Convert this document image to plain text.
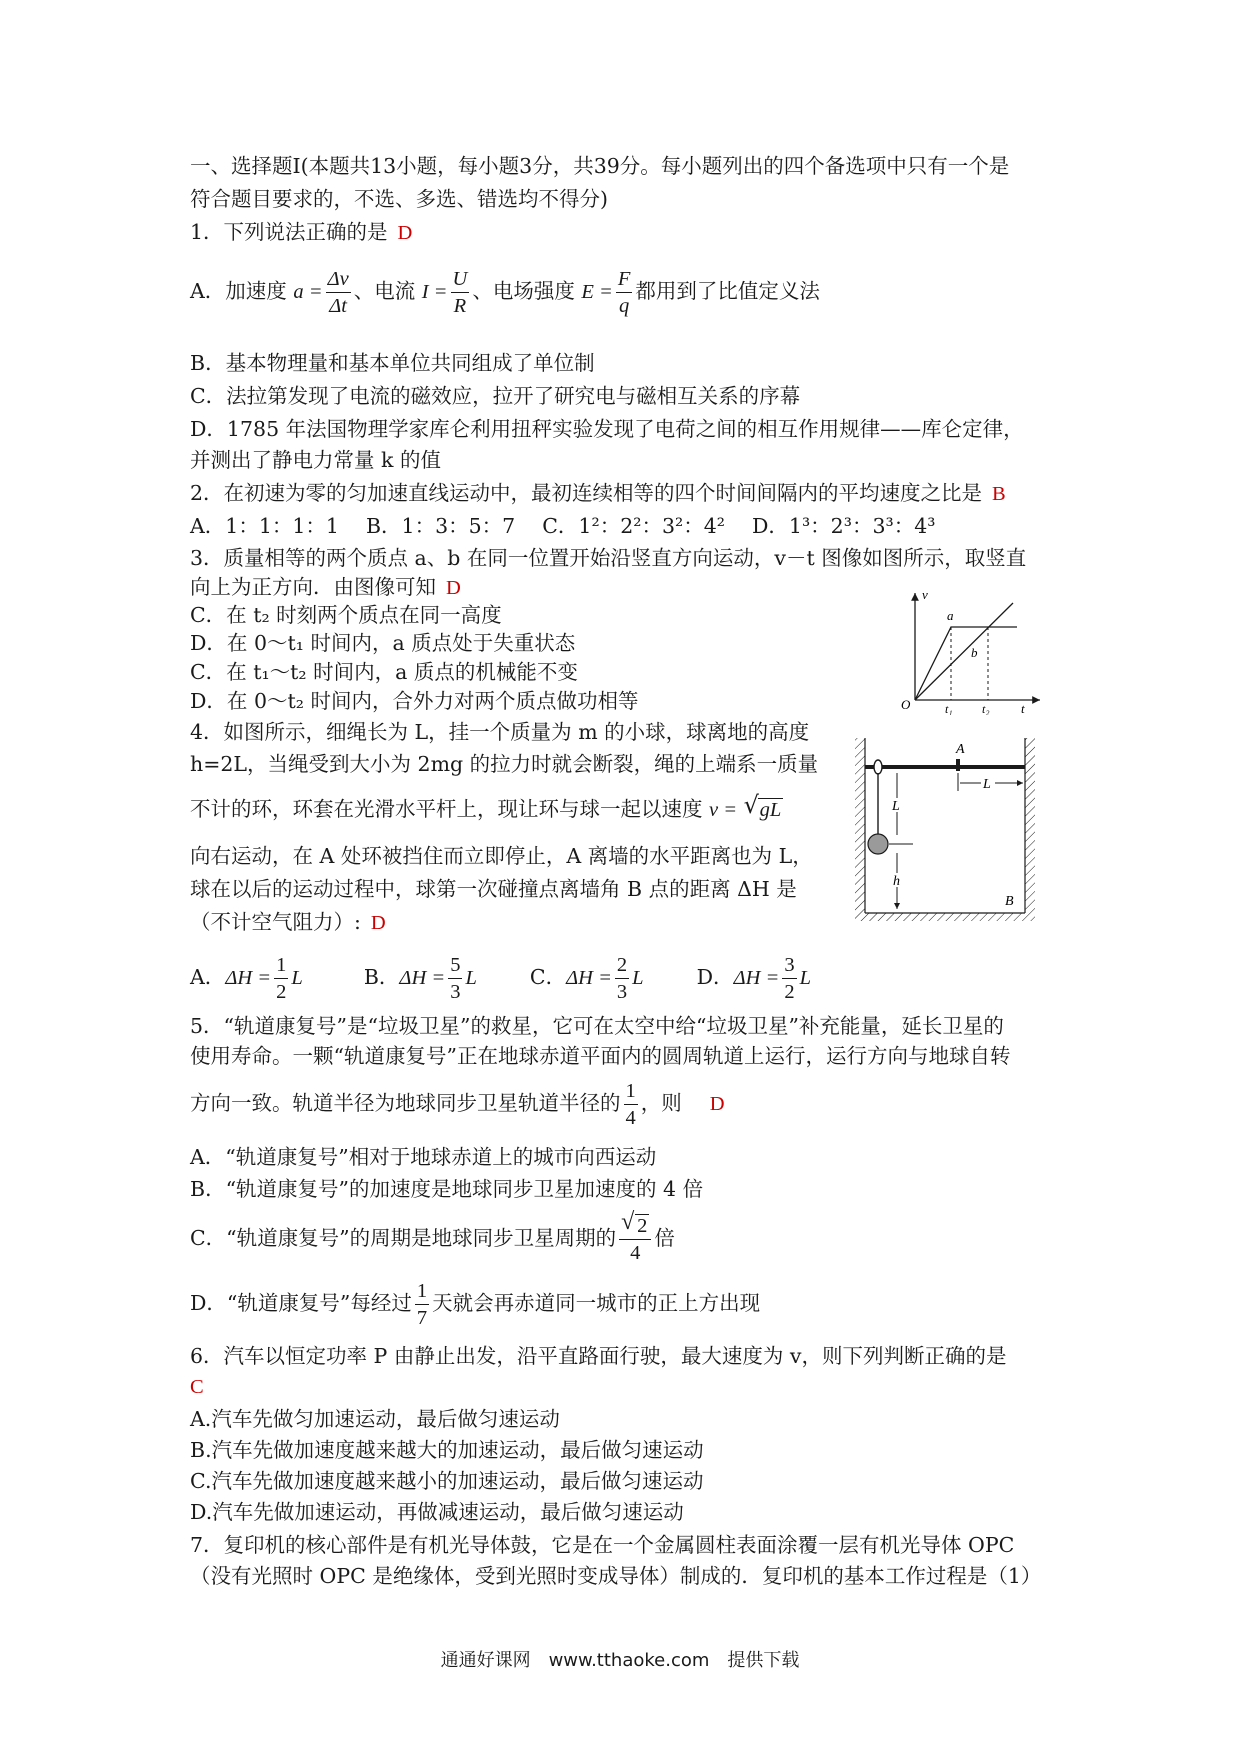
一、选择题I(本题共13小题，每小题3分，共39分。每小题列出的四个备选项中只有一个是
符合题目要求的，不选、多选、错选均不得分)
1．下列说法正确的是 D
A．加速度 $a = \frac{\Delta v}{\Delta t}$ 、电流 $I = \frac{U}{R}$ 、电场强度 $E = \frac{F}{q}$ 都用到了比值定义法
B．基本物理量和基本单位共同组成了单位制
C．法拉第发现了电流的磁效应，拉开了研究电与磁相互关系的序幕
D．1785 年法国物理学家库仑利用扭秤实验发现了电荷之间的相互作用规律——库仑定律，
并测出了静电力常量 k 的值
2．在初速为零的匀加速直线运动中，最初连续相等的四个时间间隔内的平均速度之比是 B
A．1：1：1：1　 B．1：3：5：7　 C．1²：2²：3²：4²　 D．1³：2³：3³：4³
3．质量相等的两个质点 a、b 在同一位置开始沿竖直方向运动，v－t 图像如图所示，取竖直
向上为正方向．由图像可知 D
C．在 t₂ 时刻两个质点在同一高度
D．在 0～t₁ 时间内，a 质点处于失重状态
C．在 t₁～t₂ 时间内，a 质点的机械能不变
D．在 0～t₂ 时间内，合外力对两个质点做功相等
v
a
b
O	t₁ t₂ t
4．如图所示，细绳长为 L，挂一个质量为 m 的小球，球离地的高度
h=2L，当绳受到大小为 2mg 的拉力时就会断裂，绳的上端系一质量
不计的环，环套在光滑水平杆上，现让环与球一起以速度 v = √ gL
向右运动，在 A 处环被挡住而立即停止，A 离墙的水平距离也为 L，
球在以后的运动过程中，球第一次碰撞点离墙角 B 点的距离 ΔH 是
（不计空气阻力）: D
A．$\Delta H = \frac{1}{2}$ L	B．$\Delta H = \frac{5}{3}$ L	C．$\Delta H = \frac{2}{3}$ L	D．$\Delta H = \frac{3}{2}$ L
A
L
L
h
B
5．“轨道康复号”是“垃圾卫星”的救星，它可在太空中给“垃圾卫星”补充能量，延长卫星的
使用寿命。一颗“轨道康复号”正在地球赤道平面内的圆周轨道上运行，运行方向与地球自转
方向一致。轨道半径为地球同步卫星轨道半径的 $\frac{1}{4}$ ，则 D
A．“轨道康复号”相对于地球赤道上的城市向西运动
B．“轨道康复号”的加速度是地球同步卫星加速度的 4 倍
C．“轨道康复号”的周期是地球同步卫星周期的 $\frac{√ 2}{4}$ 倍
D．“轨道康复号”每经过 $\frac{1}{7}$ 天就会再赤道同一城市的正上方出现
6．汽车以恒定功率 P 由静止出发，沿平直路面行驶，最大速度为 v，则下列判断正确的是
C
A.汽车先做匀加速运动，最后做匀速运动
B.汽车先做加速度越来越大的加速运动，最后做匀速运动
C.汽车先做加速度越来越小的加速运动，最后做匀速运动
D.汽车先做加速运动，再做减速运动，最后做匀速运动
7．复印机的核心部件是有机光导体鼓，它是在一个金属圆柱表面涂覆一层有机光导体 OPC
（没有光照时 OPC 是绝缘体，受到光照时变成导体）制成的．复印机的基本工作过程是（1）
通通好课网　www.tthaoke.com　提供下载
